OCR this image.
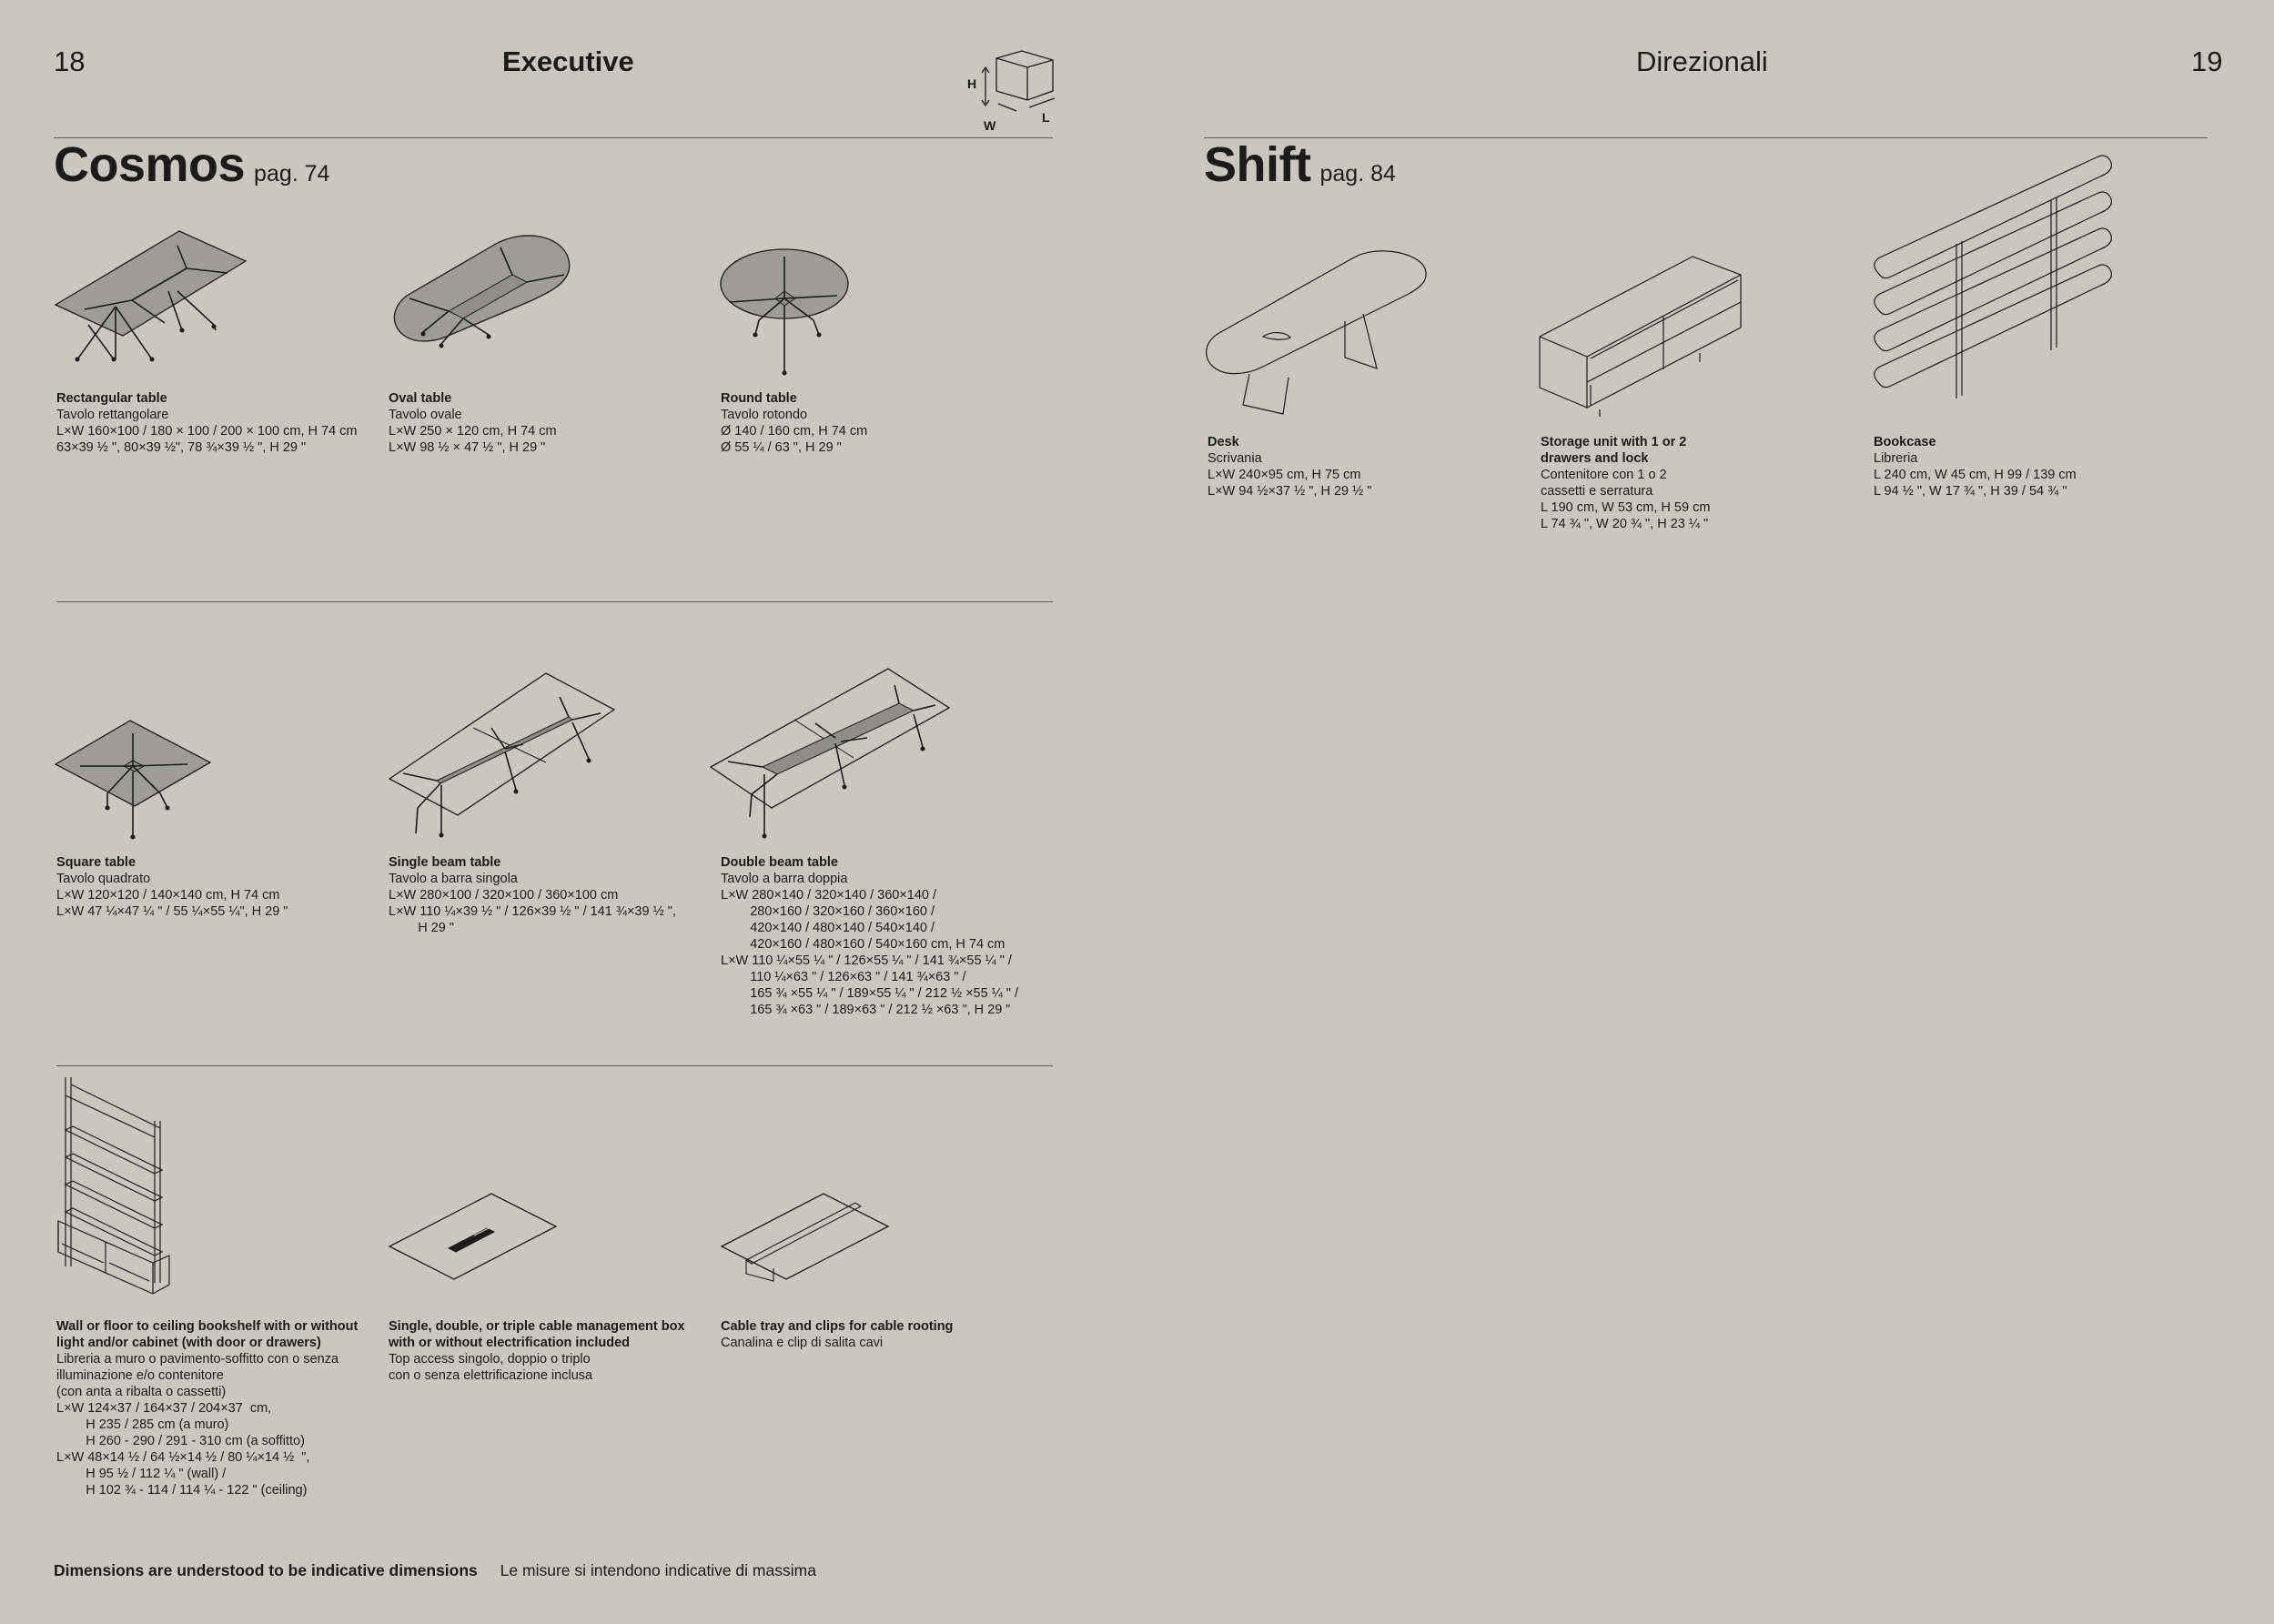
18	Executive	Direzionali	19
H
W
L
Cosmos pag. 74	Shift pag. 84
Rectangular table
Tavolo rettangolare
L×W 160×100 / 180 × 100 / 200 × 100 cm, H 74 cm
63×39 ½ ", 80×39 ½", 78 ¾×39 ½ ", H 29 "
Oval table
Tavolo ovale
L×W 250 × 120 cm, H 74 cm
L×W 98 ½ × 47 ½ ", H 29 "
Round table
Tavolo rotondo
Ø 140 / 160 cm, H 74 cm
Ø 55 ¼ / 63 ", H 29 "
Square table
Tavolo quadrato
L×W 120×120 / 140×140 cm, H 74 cm
L×W 47 ¼×47 ¼ " / 55 ¼×55 ¼", H 29 "
Single beam table
Tavolo a barra singola
L×W 280×100 / 320×100 / 360×100 cm
L×W 110 ¼×39 ½ " / 126×39 ½ " / 141 ¾×39 ½ ",
H 29 "
Double beam table
Tavolo a barra doppia
L×W 280×140 / 320×140 / 360×140 /
280×160 / 320×160 / 360×160 /
420×140 / 480×140 / 540×140 /
420×160 / 480×160 / 540×160 cm, H 74 cm
L×W 110 ¼×55 ¼ " / 126×55 ¼ " / 141 ¾×55 ¼ " /
110 ¼×63 " / 126×63 " / 141 ¾×63 " /
165 ¾ ×55 ¼ " / 189×55 ¼ " / 212 ½ ×55 ¼ " /
165 ¾ ×63 " / 189×63 " / 212 ½ ×63 ", H 29 "
Wall or floor to ceiling bookshelf with or without light and/or cabinet (with door or drawers)
Libreria a muro o pavimento-soffitto con o senza
illuminazione e/o contenitore
(con anta a ribalta o cassetti)
L×W 124×37 / 164×37 / 204×37  cm,
H 235 / 285 cm (a muro)
H 260 - 290 / 291 - 310 cm (a soffitto)
L×W 48×14 ½ / 64 ½×14 ½ / 80 ¼×14 ½  ",
H 95 ½ / 112 ¼ " (wall) /
H 102 ¾ - 114 / 114 ¼ - 122 " (ceiling)
Single, double, or triple cable management box with or without electrification included
Top access singolo, doppio o triplo
con o senza elettrificazione inclusa
Cable tray and clips for cable rooting
Canalina e clip di salita cavi
Desk
Scrivania
L×W 240×95 cm, H 75 cm
L×W 94 ½×37 ½ ", H 29 ½ "
Storage unit with 1 or 2 drawers and lock
Contenitore con 1 o 2
cassetti e serratura
L 190 cm, W 53 cm, H 59 cm
L 74 ¾ ", W 20 ¾ ", H 23 ¼ "
Bookcase
Libreria
L 240 cm, W 45 cm, H 99 / 139 cm
L 94 ½ ", W 17 ¾ ", H 39 / 54 ¾ "
Dimensions are understood to be indicative dimensions Le misure si intendono indicative di massima
